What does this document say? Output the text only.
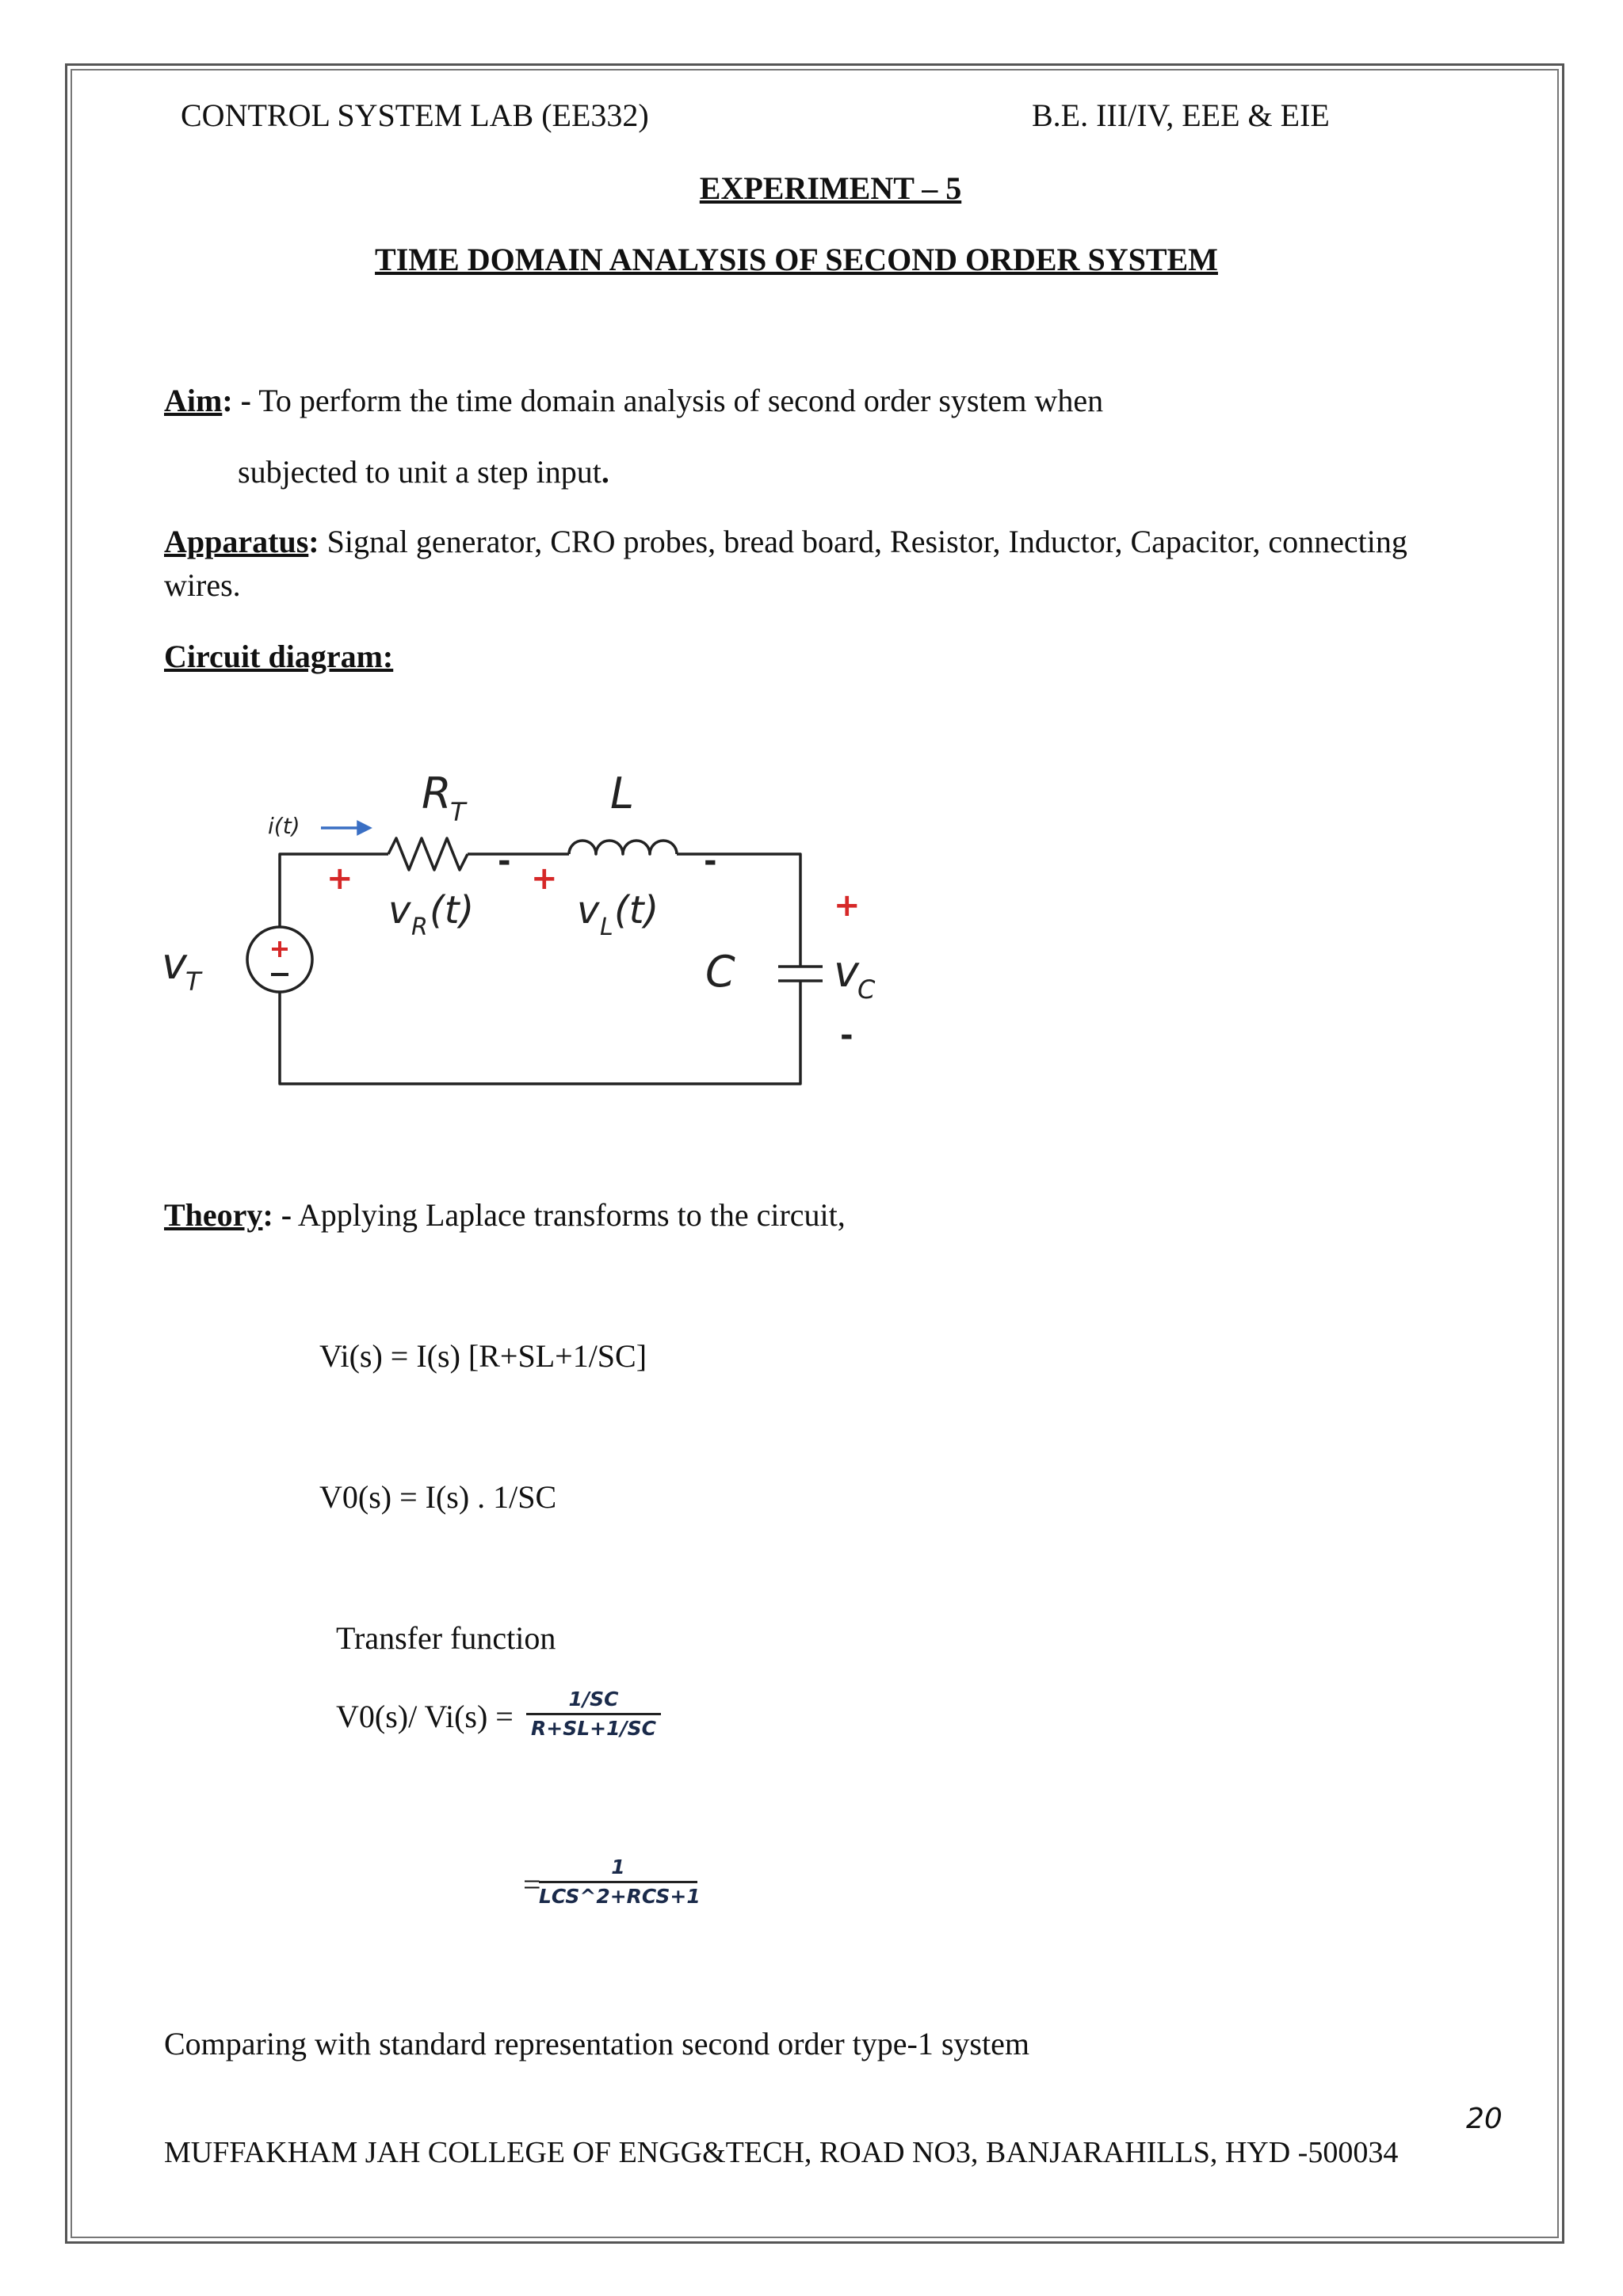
CONTROL SYSTEM LAB (EE332)	B.E. III/IV, EEE & EIE
EXPERIMENT – 5
TIME DOMAIN ANALYSIS OF SECOND ORDER SYSTEM
Aim: - To perform the time domain analysis of second order system when
subjected to unit a step input.
Apparatus: Signal generator, CRO probes, bread board, Resistor, Inductor, Capacitor, connecting
wires.
Circuit diagram:
i(t)
R
T	L
C
v
T
v R (t)	v L (t)
v
C
+	- +	-
+
-
Theory: - Applying Laplace transforms to the circuit,
Vi(s) = I(s) [R+SL+1/SC]
V0(s) = I(s) . 1/SC
Transfer function
V0(s)/ Vi(s) =	1/SC
R+SL+1/SC
=	1
LCS^2+RCS+1
Comparing with standard representation second order type-1 system
20
MUFFAKHAM JAH COLLEGE OF ENGG&TECH, ROAD NO3, BANJARAHILLS, HYD -500034
